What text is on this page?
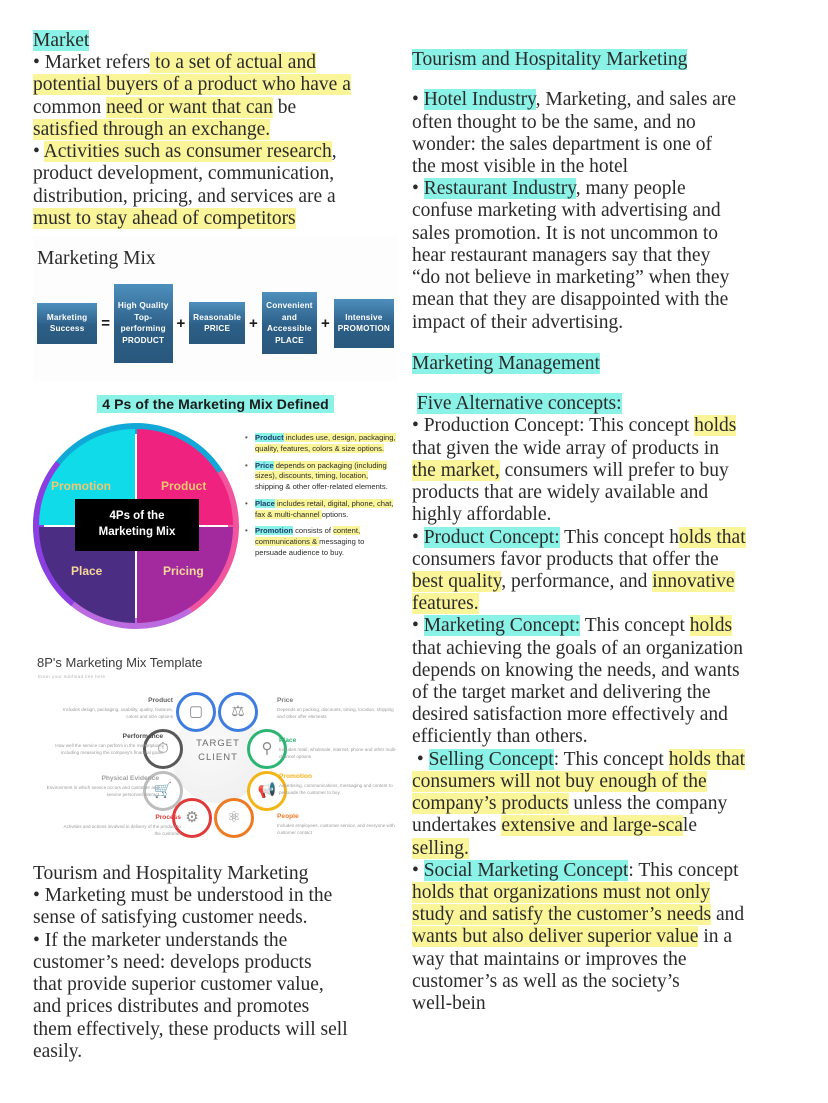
Market

• Market refers to a set of actual and
potential buyers of a product who have a
common need or want that can be
satisfied through an exchange.

• Activities such as consumer research,
product development, communication,
distribution, pricing, and services are a
must to stay ahead of competitors

Marketing Mix
Marketing Success	=
High Quality Top-performing PRODUCT
+ Reasonable PRICE	+
Convenient and Accessible PLACE
+	Intensive PROMOTION
4 Ps of the Marketing Mix Defined
Promotion	Product
Place	Pricing
4Ps of the
Marketing Mix
• Product includes use, design, packaging, quality, features, colors & size options.
• Price depends on packaging (including sizes), discounts, timing, location, shipping & other offer-related elements.
• Place includes retail, digital, phone, chat, fax & multi-channel options.
• Promotion consists of content, communications & messaging to persuade audience to buy.
8P's Marketing Mix Template
Enter your subhead line here
TARGET
CLIENT
▢	⚖
⚲
📢
⚛
⚙
🛒
⏱
Product
Includes design, packaging, usability, quality, features, colors and size options
Performance
How well the service can perform in the marketplace, including measuring the company's financial goals
Physical Evidence
Environment in which service occurs and customer and service personnel interact
Process
Activities and actions involved in delivery of the product to the customer
Price
Depends on packing, discounts, timing, location, shipping and other offer elements
Place
Includes retail, wholesale, internet, phone and other multi-channel options
Promotion
Advertising, communications, messaging and content to persuade the customer to buy
People
Includes employees, customer service, and everyone with customer contact

Tourism and Hospitality Marketing

• Marketing must be understood in the
sense of satisfying customer needs.

• If the marketer understands the
customer’s need: develops products
that provide superior customer value,
and prices distributes and promotes
them effectively, these products will sell
easily.

Tourism and Hospitality Marketing

• Hotel Industry, Marketing, and sales are
often thought to be the same, and no
wonder: the sales department is one of
the most visible in the hotel

• Restaurant Industry, many people
confuse marketing with advertising and
sales promotion. It is not uncommon to
hear restaurant managers say that they
“do not believe in marketing” when they
mean that they are disappointed with the
impact of their advertising.

Marketing Management

Five Alternative concepts:

• Production Concept: This concept holds
that given the wide array of products in
the market, consumers will prefer to buy
products that are widely available and
highly affordable.

• Product Concept: This concept holds that
consumers favor products that offer the
best quality, performance, and innovative
features.

• Marketing Concept: This concept holds
that achieving the goals of an organization
depends on knowing the needs, and wants
of the target market and delivering the
desired satisfaction more effectively and
efficiently than others.

• Selling Concept: This concept holds that
consumers will not buy enough of the
company’s products unless the company
undertakes extensive and large-scale
selling.

• Social Marketing Concept: This concept
holds that organizations must not only
study and satisfy the customer’s needs and
wants but also deliver superior value in a
way that maintains or improves the
customer’s as well as the society’s
well-bein
